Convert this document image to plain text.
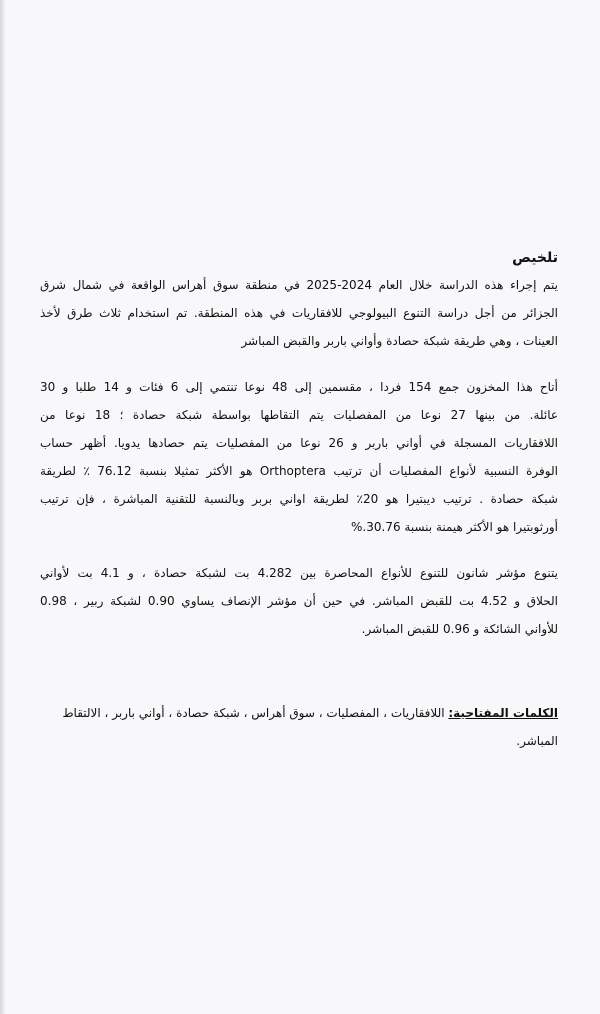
تلخيص
يتم إجراء هذه الدراسة خلال العام 2024-2025 في منطقة سوق أهراس الواقعة في شمال شرق
الجزائر من أجل دراسة التنوع البيولوجي للافقاريات في هذه المنطقة. تم استخدام ثلاث طرق لأخذ
العينات ، وهي طريقة شبكة حصادة وأواني باربر والقبض المباشر
أتاح هذا المخزون جمع 154 فردا ، مقسمين إلى 48 نوعا تنتمي إلى 6 فئات و 14 طلبا و 30
عائلة. من بينها 27 نوعا من المفصليات يتم التقاطها بواسطة شبكة حصادة ؛ 18 نوعا من
اللافقاريات المسجلة في أواني باربر و 26 نوعا من المفصليات يتم حصادها يدويا. أظهر حساب
الوفرة النسبية لأنواع المفصليات أن ترتيب Orthoptera هو الأكثر تمثيلا بنسبة 76.12 ٪ لطريقة
شبكة حصادة . ترتيب ديبتيرا هو 20٪ لطريقة اواني بربر وبالنسبة للتقنية المباشرة ، فإن ترتيب
أورثوبتيرا هو الأكثر هيمنة بنسبة 30.76.%
يتنوع مؤشر شانون للتنوع للأنواع المحاصرة بين 4.282 بت لشبكة حصادة ، و 4.1 بت لأواني
الحلاق و 4.52 بت للقبض المباشر. في حين أن مؤشر الإنصاف يساوي 0.90 لشبكة ربير ، 0.98
للأواني الشائكة و 0.96 للقبض المباشر.
الكلمات المفتاحية: اللافقاريات ، المفصليات ، سوق أهراس ، شبكة حصادة ، أواني باربر ، الالتقاط
المباشر.
